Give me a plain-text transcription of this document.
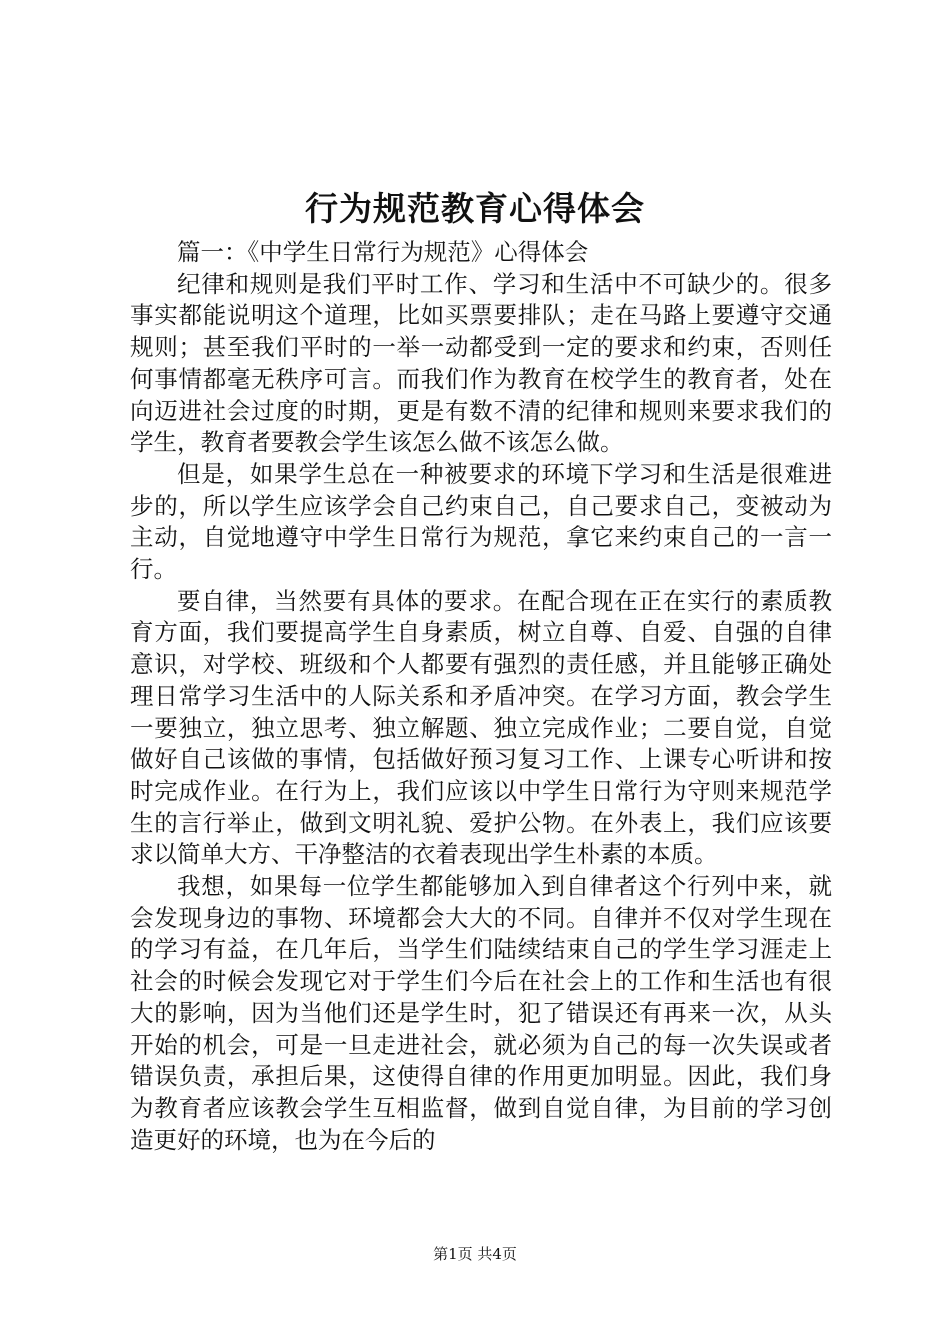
行为规范教育心得体会

篇一：《中学生日常行为规范》心得体会

纪律和规则是我们平时工作、学习和生活中不可缺少的。很多事实都能说明这个道理，比如买票要排队；走在马路上要遵守交通规则；甚至我们平时的一举一动都受到一定的要求和约束，否则任何事情都毫无秩序可言。而我们作为教育在校学生的教育者，处在向迈进社会过度的时期，更是有数不清的纪律和规则来要求我们的学生，教育者要教会学生该怎么做不该怎么做。

但是，如果学生总在一种被要求的环境下学习和生活是很难进步的，所以学生应该学会自己约束自己，自己要求自己，变被动为主动，自觉地遵守中学生日常行为规范，拿它来约束自己的一言一行。

要自律，当然要有具体的要求。在配合现在正在实行的素质教育方面，我们要提高学生自身素质，树立自尊、自爱、自强的自律意识，对学校、班级和个人都要有强烈的责任感，并且能够正确处理日常学习生活中的人际关系和矛盾冲突。在学习方面，教会学生一要独立，独立思考、独立解题、独立完成作业；二要自觉，自觉做好自己该做的事情，包括做好预习复习工作、上课专心听讲和按时完成作业。在行为上，我们应该以中学生日常行为守则来规范学生的言行举止，做到文明礼貌、爱护公物。在外表上，我们应该要求以简单大方、干净整洁的衣着表现出学生朴素的本质。

我想，如果每一位学生都能够加入到自律者这个行列中来，就会发现身边的事物、环境都会大大的不同。自律并不仅对学生现在的学习有益，在几年后，当学生们陆续结束自己的学生学习涯走上社会的时候会发现它对于学生们今后在社会上的工作和生活也有很大的影响，因为当他们还是学生时，犯了错误还有再来一次，从头开始的机会，可是一旦走进社会，就必须为自己的每一次失误或者错误负责，承担后果，这使得自律的作用更加明显。因此，我们身为教育者应该教会学生互相监督，做到自觉自律，为目前的学习创造更好的环境，也为在今后的

第1页 共4页
